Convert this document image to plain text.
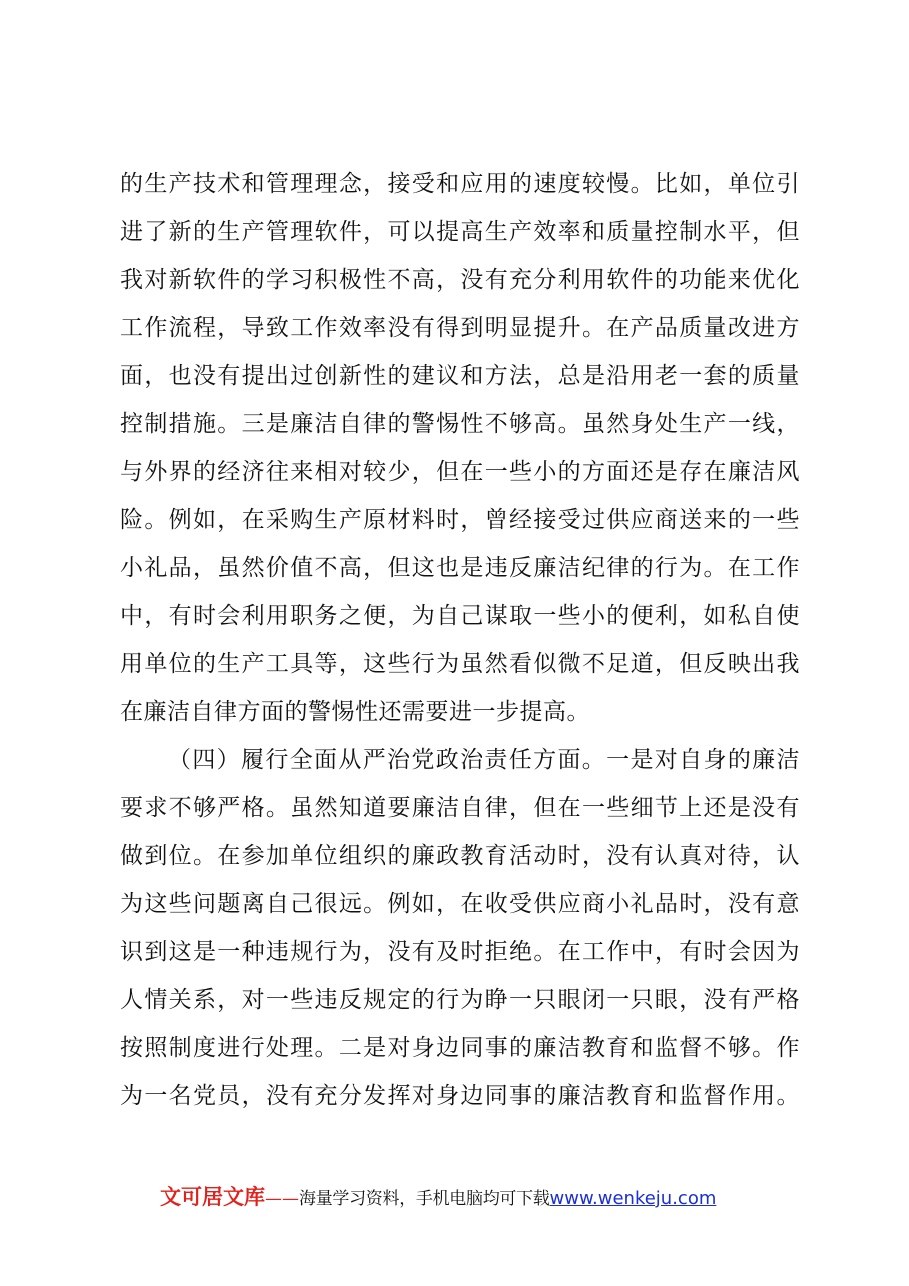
的生产技术和管理理念，接受和应用的速度较慢。比如，单位引
进了新的生产管理软件，可以提高生产效率和质量控制水平，但
我对新软件的学习积极性不高，没有充分利用软件的功能来优化
工作流程，导致工作效率没有得到明显提升。在产品质量改进方
面，也没有提出过创新性的建议和方法，总是沿用老一套的质量
控制措施。三是廉洁自律的警惕性不够高。虽然身处生产一线，
与外界的经济往来相对较少，但在一些小的方面还是存在廉洁风
险。例如，在采购生产原材料时，曾经接受过供应商送来的一些
小礼品，虽然价值不高，但这也是违反廉洁纪律的行为。在工作
中，有时会利用职务之便，为自己谋取一些小的便利，如私自使
用单位的生产工具等，这些行为虽然看似微不足道，但反映出我
在廉洁自律方面的警惕性还需要进一步提高。
（四）履行全面从严治党政治责任方面。一是对自身的廉洁
要求不够严格。虽然知道要廉洁自律，但在一些细节上还是没有
做到位。在参加单位组织的廉政教育活动时，没有认真对待，认
为这些问题离自己很远。例如，在收受供应商小礼品时，没有意
识到这是一种违规行为，没有及时拒绝。在工作中，有时会因为
人情关系，对一些违反规定的行为睁一只眼闭一只眼，没有严格
按照制度进行处理。二是对身边同事的廉洁教育和监督不够。作
为一名党员，没有充分发挥对身边同事的廉洁教育和监督作用。
文可居文库——海量学习资料，手机电脑均可下载www.wenkeju.com
